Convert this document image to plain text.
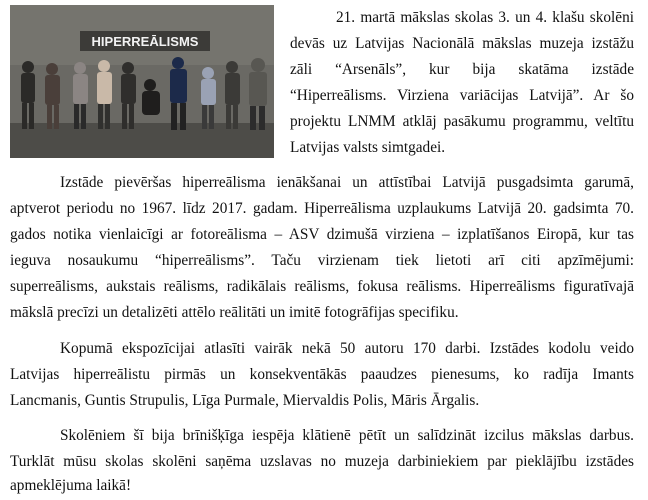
HIPERREĀLISMS
21. martā mākslas skolas 3. un 4. klašu skolēni
devās uz Latvijas Nacionālā mākslas muzeja izstāžu
zāli “Arsenāls”, kur bija skatāma izstāde
“Hiperreālisms. Virziena variācijas Latvijā”. Ar šo
projektu LNMM atklāj pasākumu programmu, veltītu
Latvijas valsts simtgadei.
Izstāde pievēršas hiperreālisma ienākšanai un attīstībai Latvijā pusgadsimta garumā,
aptverot periodu no 1967. līdz 2017. gadam. Hiperreālisma uzplaukums Latvijā 20. gadsimta 70.
gados notika vienlaicīgi ar fotoreālisma – ASV dzimušā virziena – izplatīšanos Eiropā, kur tas
ieguva nosaukumu “hiperreālisms”. Taču virzienam tiek lietoti arī citi apzīmējumi:
superreālisms, aukstais reālisms, radikālais reālisms, fokusa reālisms. Hiperreālisms figuratīvajā
mākslā precīzi un detalizēti attēlo reālitāti un imitē fotogrāfijas specifiku.
Kopumā ekspozīcijai atlasīti vairāk nekā 50 autoru 170 darbi. Izstādes kodolu veido
Latvijas hiperreālistu pirmās un konsekventākās paaudzes pienesums, ko radīja Imants
Lancmanis, Guntis Strupulis, Līga Purmale, Miervaldis Polis, Māris Ārgalis.
Skolēniem šī bija brīnišķīga iespēja klātienē pētīt un salīdzināt izcilus mākslas darbus.
Turklāt mūsu skolas skolēni saņēma uzslavas no muzeja darbiniekiem par pieklājību izstādes
apmeklējuma laikā!
